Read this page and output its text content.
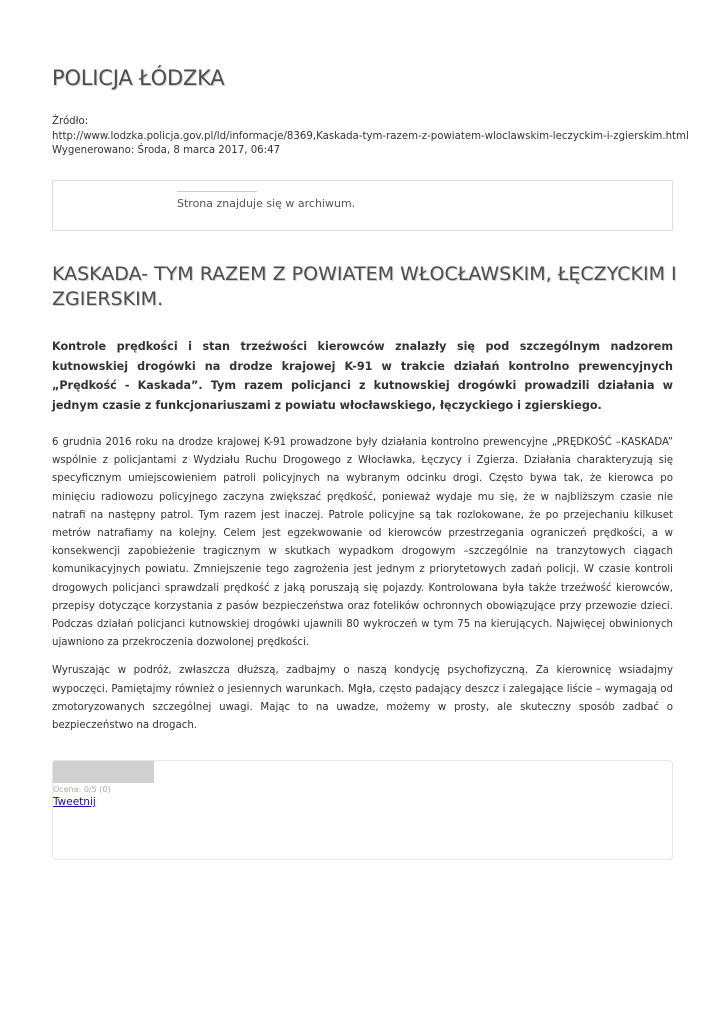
POLICJA ŁÓDZKA
Źródło:
http://www.lodzka.policja.gov.pl/ld/informacje/8369,Kaskada-tym-razem-z-powiatem-wloclawskim-leczyckim-i-zgierskim.html
Wygenerowano: Środa, 8 marca 2017, 06:47
Strona znajduje się w archiwum.
KASKADA- TYM RAZEM Z POWIATEM WŁOCŁAWSKIM, ŁĘCZYCKIM I ZGIERSKIM.

Kontrole prędkości i stan trzeźwości kierowców znalazły się pod szczególnym nadzorem kutnowskiej drogówki na drodze krajowej K-91 w trakcie działań kontrolno prewencyjnych „Prędkość - Kaskada”. Tym razem policjanci z kutnowskiej drogówki prowadzili działania w jednym czasie z funkcjonariuszami z powiatu włocławskiego, łęczyckiego i zgierskiego.

6 grudnia 2016 roku na drodze krajowej K-91 prowadzone były działania kontrolno prewencyjne „PRĘDKOŚĆ –KASKADA” wspólnie z policjantami z Wydziału Ruchu Drogowego z Włocławka, Łęczycy i Zgierza. Działania charakteryzują się specyficznym umiejscowieniem patroli policyjnych na wybranym odcinku drogi. Często bywa tak, że kierowca po minięciu radiowozu policyjnego zaczyna zwiększać prędkość, ponieważ wydaje mu się, że w najbliższym czasie nie natrafi na następny patrol. Tym razem jest inaczej. Patrole policyjne są tak rozlokowane, że po przejechaniu kilkuset metrów natrafiamy na kolejny. Celem jest egzekwowanie od kierowców przestrzegania ograniczeń prędkości, a w konsekwencji zapobieżenie tragicznym w skutkach wypadkom drogowym –szczególnie na tranzytowych ciągach komunikacyjnych powiatu. Zmniejszenie tego zagrożenia jest jednym z priorytetowych zadań policji. W czasie kontroli drogowych policjanci sprawdzali prędkość z jaką poruszają się pojazdy. Kontrolowana była także trzeźwość kierowców, przepisy dotyczące korzystania z pasów bezpieczeństwa oraz fotelików ochronnych obowiązujące przy przewozie dzieci. Podczas działań policjanci kutnowskiej drogówki ujawnili 80 wykroczeń w tym 75 na kierujących. Najwięcej obwinionych ujawniono za przekroczenia dozwolonej prędkości.

Wyruszając w podróż, zwłaszcza dłuższą, zadbajmy o naszą kondycję psychofizyczną. Za kierownicę wsiadajmy wypoczęci. Pamiętajmy również o jesiennych warunkach. Mgła, często padający deszcz i zalegające liście – wymagają od zmotoryzowanych szczególnej uwagi. Mając to na uwadze, możemy w prosty, ale skuteczny sposób zadbać o bezpieczeństwo na drogach.

Ocena: 0/5 (0)
Tweetnij
